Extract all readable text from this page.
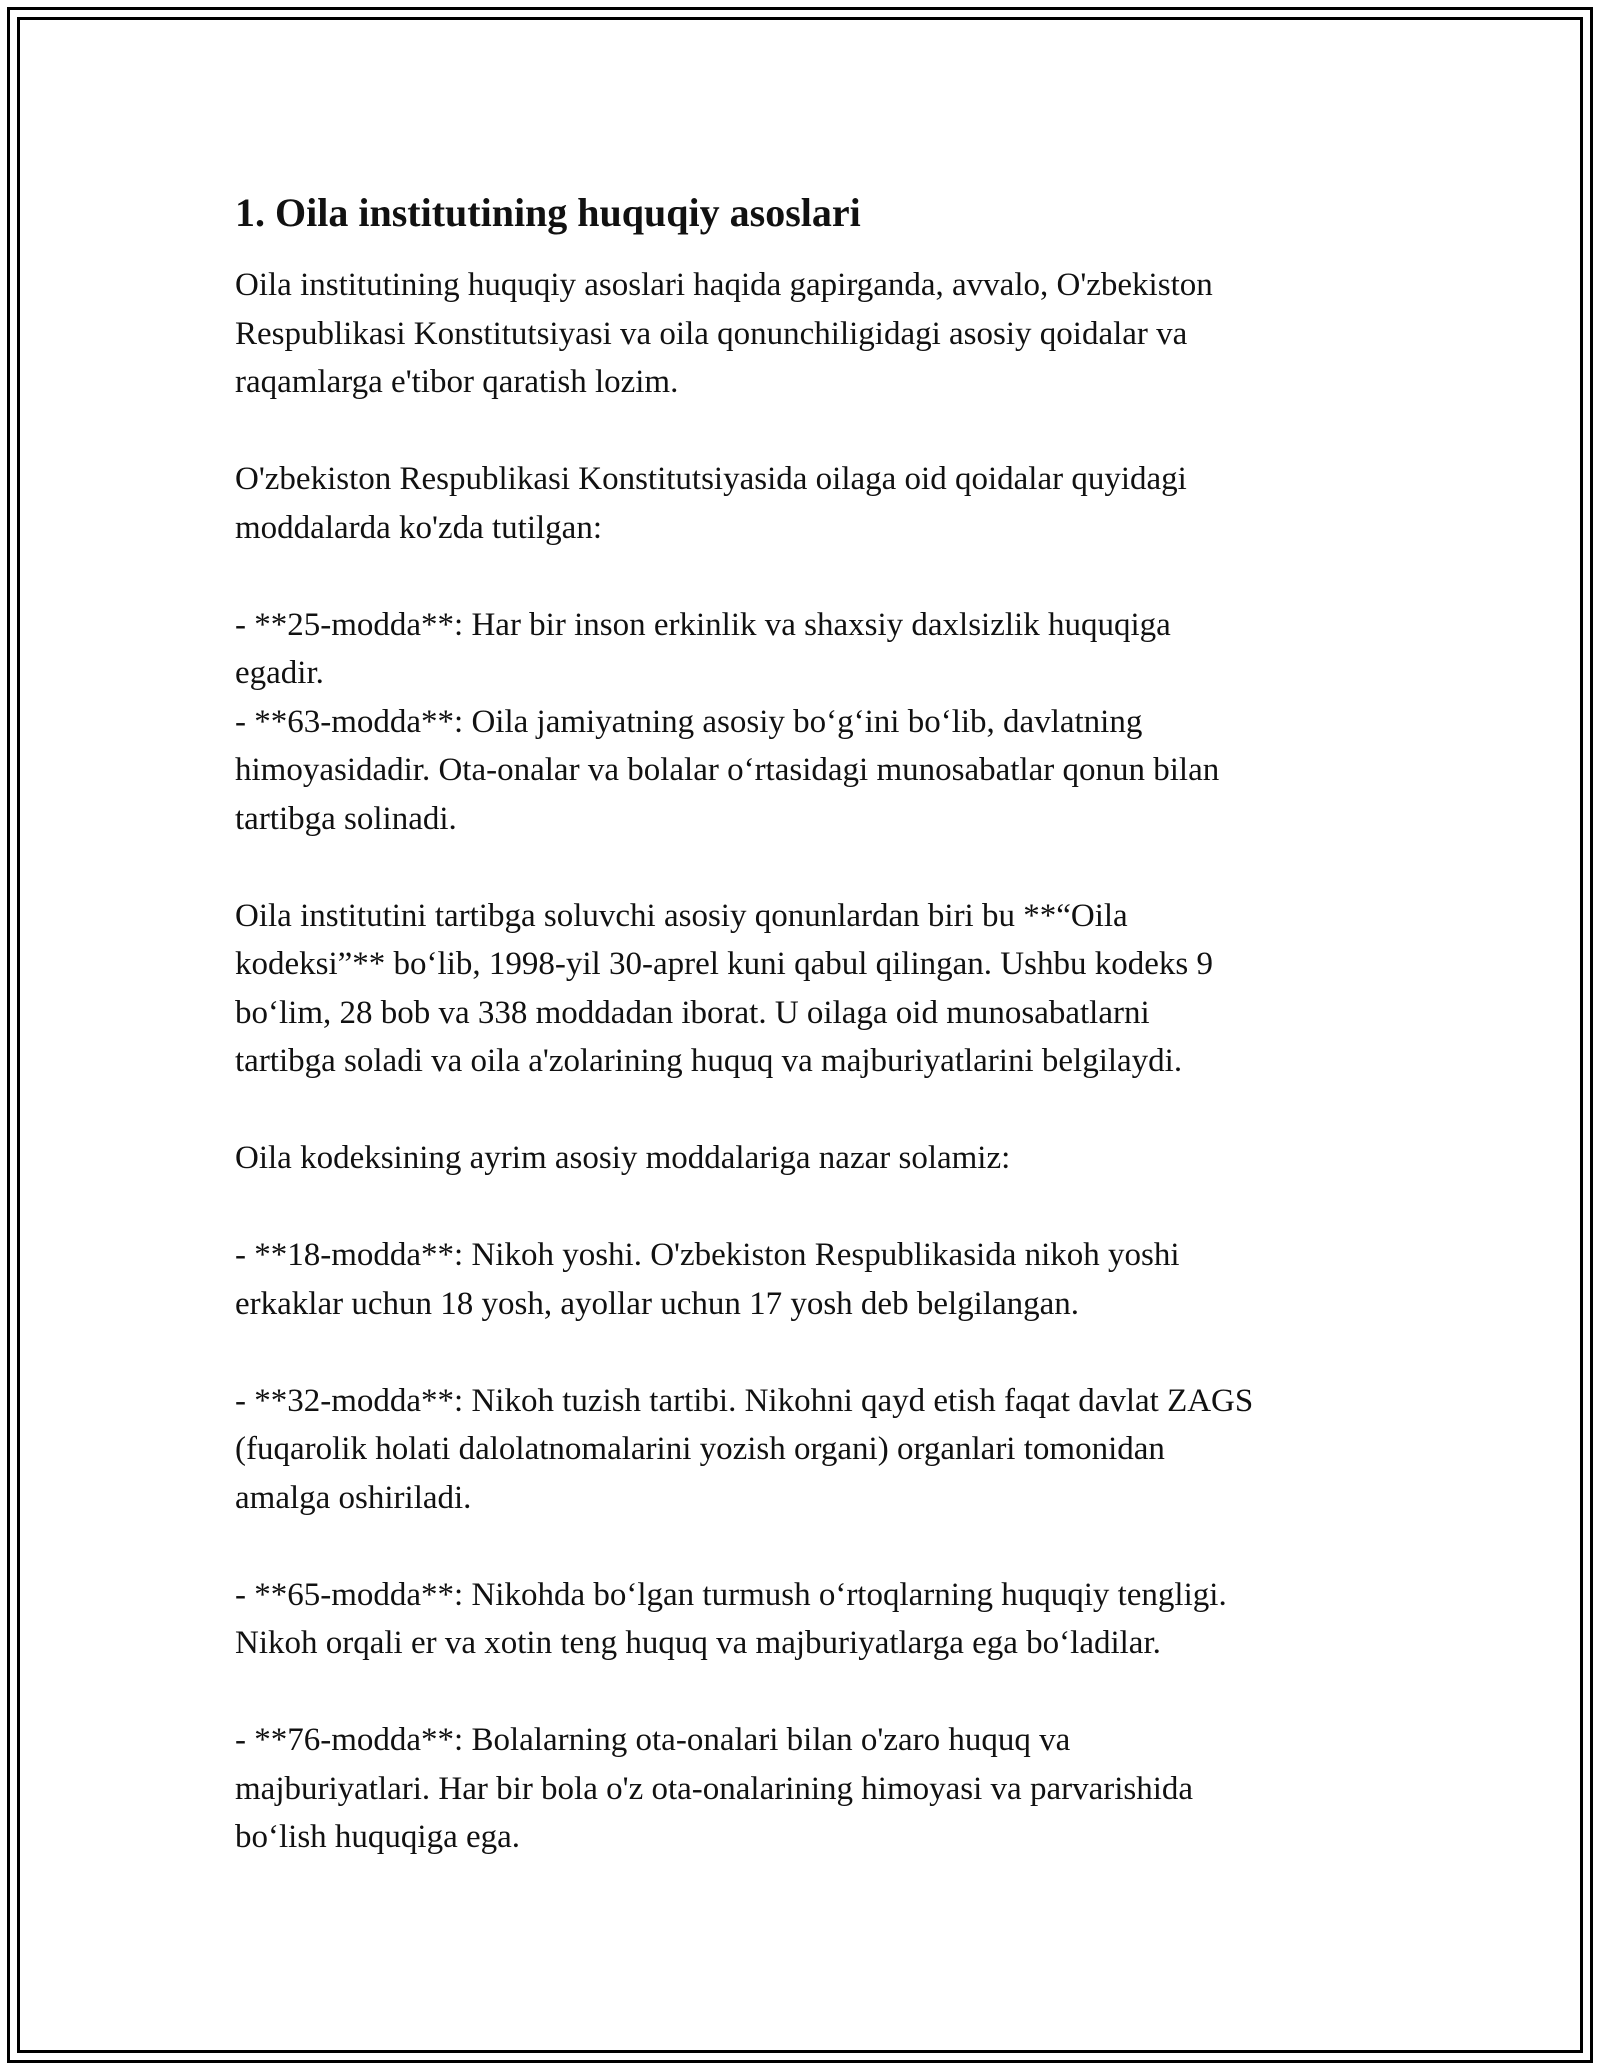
1. Oila institutining huquqiy asoslari

Oila institutining huquqiy asoslari haqida gapirganda, avvalo, O'zbekiston
Respublikasi Konstitutsiyasi va oila qonunchiligidagi asosiy qoidalar va
raqamlarga e'tibor qaratish lozim.

O'zbekiston Respublikasi Konstitutsiyasida oilaga oid qoidalar quyidagi
moddalarda ko'zda tutilgan:

- **25-modda**: Har bir inson erkinlik va shaxsiy daxlsizlik huquqiga
egadir.
- **63-modda**: Oila jamiyatning asosiy bo‘g‘ini bo‘lib, davlatning
himoyasidadir. Ota-onalar va bolalar o‘rtasidagi munosabatlar qonun bilan
tartibga solinadi.

Oila institutini tartibga soluvchi asosiy qonunlardan biri bu **“Oila
kodeksi”** bo‘lib, 1998-yil 30-aprel kuni qabul qilingan. Ushbu kodeks 9
bo‘lim, 28 bob va 338 moddadan iborat. U oilaga oid munosabatlarni
tartibga soladi va oila a'zolarining huquq va majburiyatlarini belgilaydi.

Oila kodeksining ayrim asosiy moddalariga nazar solamiz:

- **18-modda**: Nikoh yoshi. O'zbekiston Respublikasida nikoh yoshi
erkaklar uchun 18 yosh, ayollar uchun 17 yosh deb belgilangan.

- **32-modda**: Nikoh tuzish tartibi. Nikohni qayd etish faqat davlat ZAGS
(fuqarolik holati dalolatnomalarini yozish organi) organlari tomonidan
amalga oshiriladi.

- **65-modda**: Nikohda bo‘lgan turmush o‘rtoqlarning huquqiy tengligi.
Nikoh orqali er va xotin teng huquq va majburiyatlarga ega bo‘ladilar.

- **76-modda**: Bolalarning ota-onalari bilan o'zaro huquq va
majburiyatlari. Har bir bola o'z ota-onalarining himoyasi va parvarishida
bo‘lish huquqiga ega.
